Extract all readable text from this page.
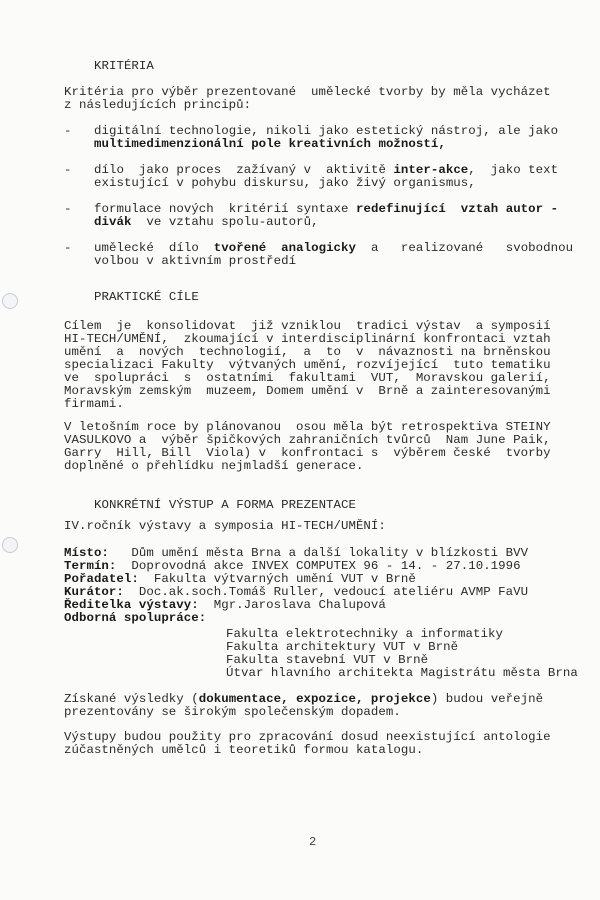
KRITÉRIA
Kritéria pro výběr prezentované  umělecké tvorby by měla vycházet
z následujících principů:
- digitální technologie, nikoli jako estetický nástroj, ale jako
multimedimenzionální pole kreativních možností,
- dílo  jako proces  zažívaný v  aktivitě inter-akce,  jako text
existující v pohybu diskursu, jako živý organismus,
- formulace nových  kritérií syntaxe redefinující  vztah autor -
divák  ve vztahu spolu-autorů,
- umělecké  dílo  tvořené  analogicky  a   realizované   svobodnou
volbou v aktivním prostředí
PRAKTICKÉ CÍLE
Cílem  je  konsolidovat  již vzniklou  tradici výstav  a symposií
HI-TECH/UMĚNÍ,  zkoumající v interdisciplinární konfrontaci vztah
umění  a  nových  technologií,  a  to  v  návaznosti na brněnskou
specializaci Fakulty  výtvaných umění, rozvíjející  tuto tematiku
ve  spolupráci  s  ostatními  fakultami  VUT,  Moravskou galerií,
Moravským zemským  muzeem, Domem umění v  Brně a zainteresovanými
firmami.
V letošním roce by plánovanou  osou měla být retrospektiva STEINY
VASULKOVO a  výběr špičkových zahraničních tvůrců  Nam June Paik,
Garry  Hill, Bill  Viola) v  konfrontaci s  výběrem české  tvorby
doplněné o přehlídku nejmladší generace.
KONKRÉTNÍ VÝSTUP A FORMA PREZENTACE
IV.ročník výstavy a symposia HI-TECH/UMĚNÍ:
Místo:   Dům umění města Brna a další lokality v blízkosti BVV
Termín:  Doprovodná akce INVEX COMPUTEX 96 - 14. - 27.10.1996
Pořadatel:  Fakulta výtvarných umění VUT v Brně
Kurátor:  Doc.ak.soch.Tomáš Ruller, vedoucí ateliéru AVMP FaVU
Ředitelka výstavy:  Mgr.Jaroslava Chalupová
Odborná spolupráce:
Fakulta elektrotechniky a informatiky
Fakulta architektury VUT v Brně
Fakulta stavební VUT v Brně
Útvar hlavního architekta Magistrátu města Brna
Získané výsledky (dokumentace, expozice, projekce) budou veřejně
prezentovány se širokým společenským dopadem.
Výstupy budou použity pro zpracování dosud neexistující antologie
zúčastněných umělců i teoretiků formou katalogu.
2
